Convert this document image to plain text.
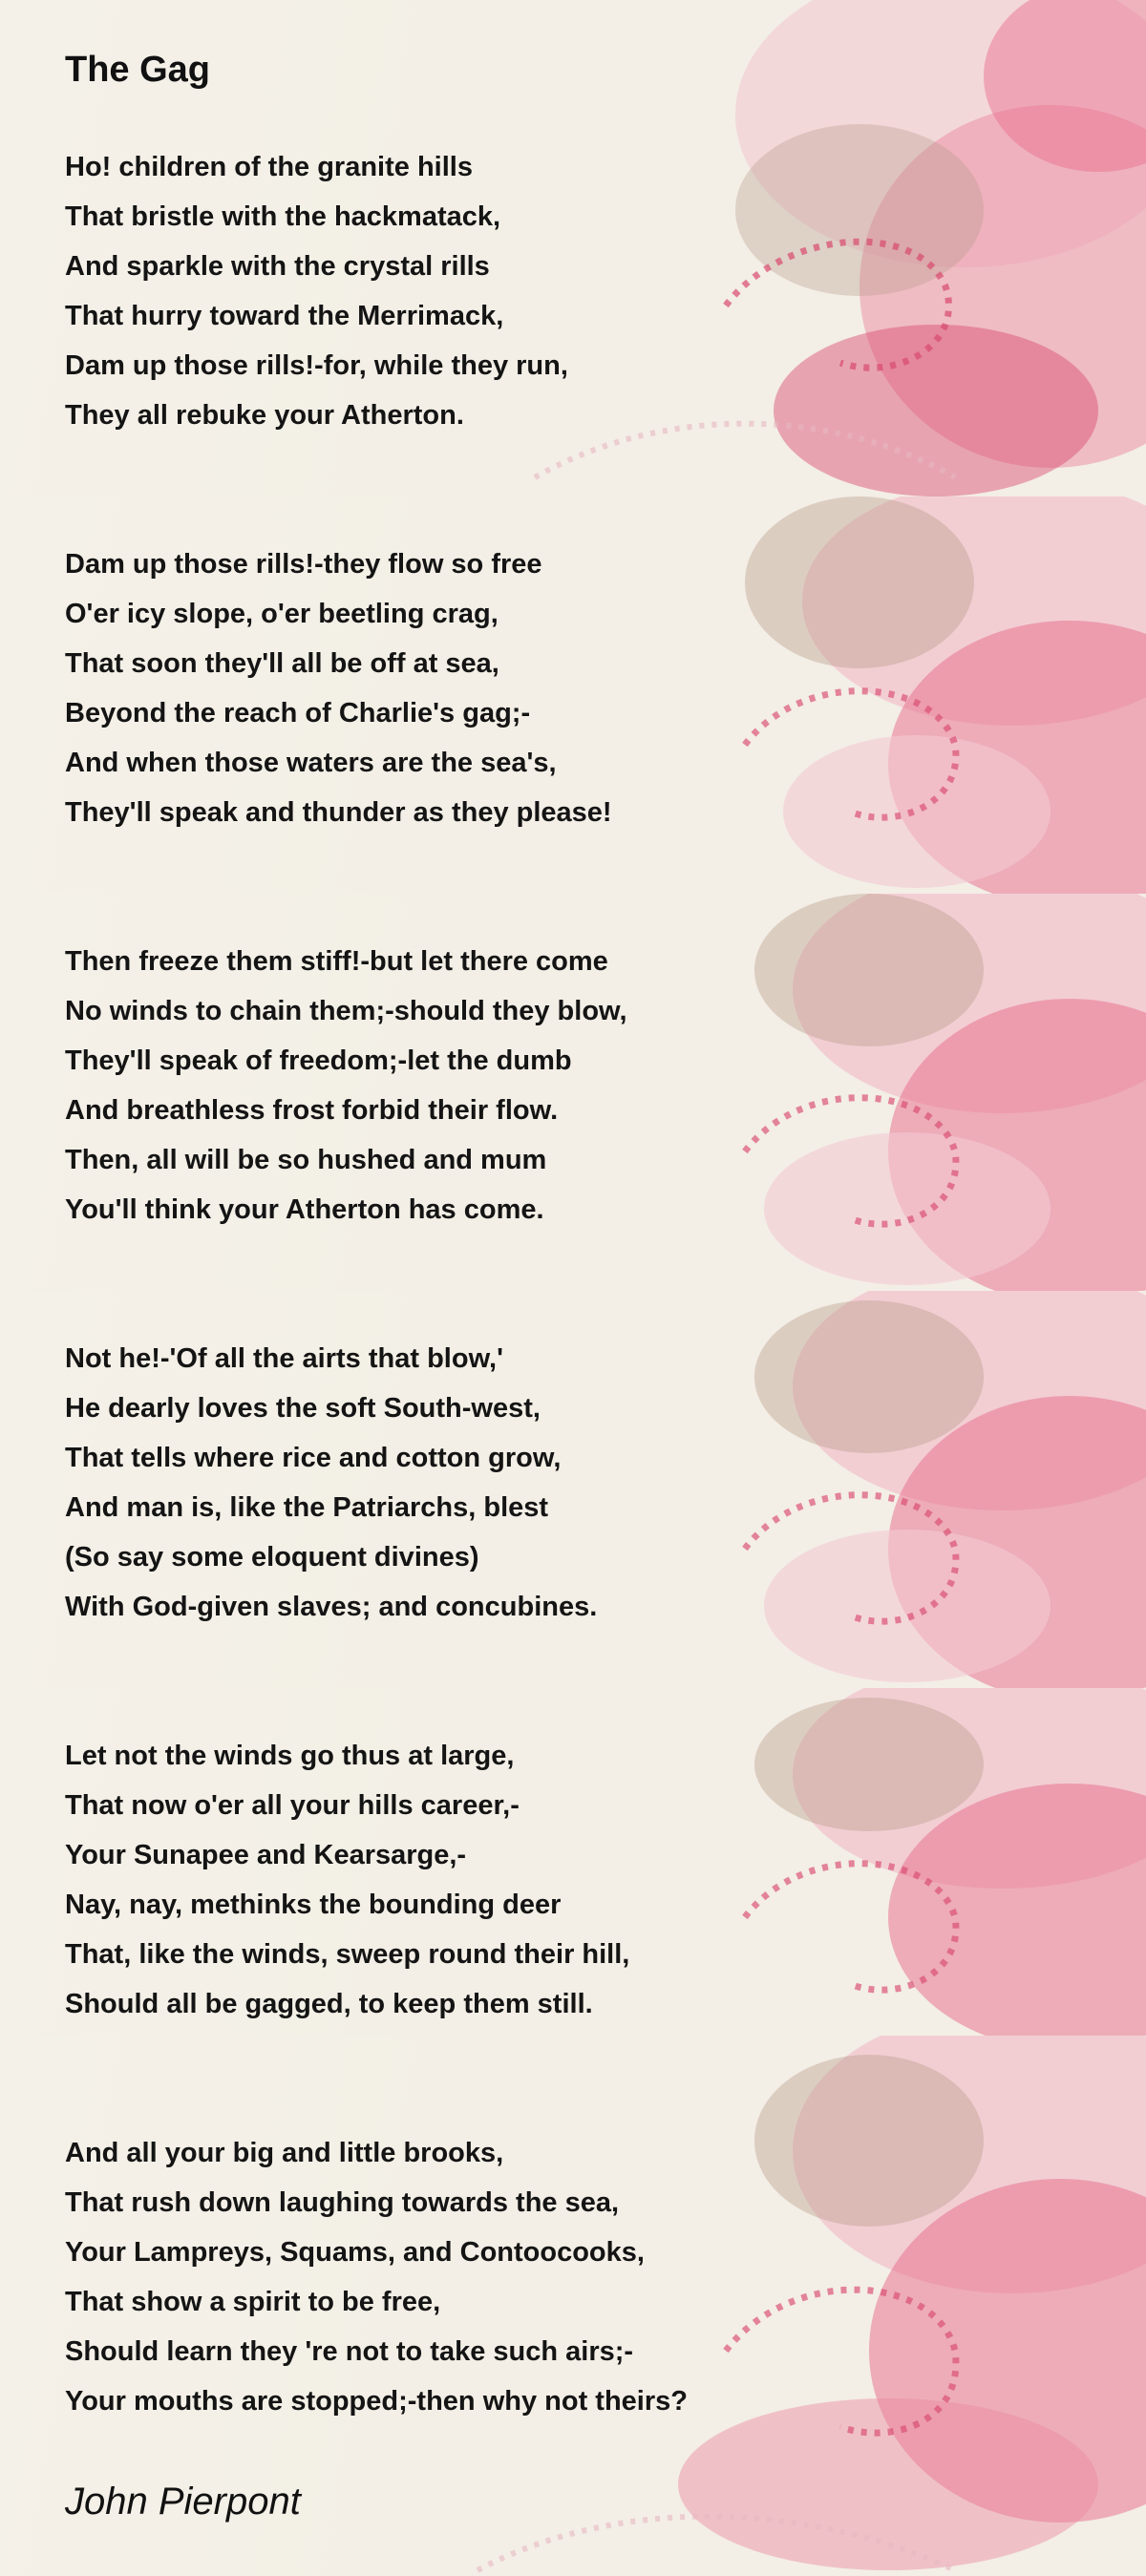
The Gag
Ho! children of the granite hills
That bristle with the hackmatack,
And sparkle with the crystal rills
That hurry toward the Merrimack,
Dam up those rills!-for, while they run,
They all rebuke your Atherton.
Dam up those rills!-they flow so free
O'er icy slope, o'er beetling crag,
That soon they'll all be off at sea,
Beyond the reach of Charlie's gag;-
And when those waters are the sea's,
They'll speak and thunder as they please!
Then freeze them stiff!-but let there come
No winds to chain them;-should they blow,
They'll speak of freedom;-let the dumb
And breathless frost forbid their flow.
Then, all will be so hushed and mum
You'll think your Atherton has come.
Not he!-'Of all the airts that blow,'
He dearly loves the soft South-west,
That tells where rice and cotton grow,
And man is, like the Patriarchs, blest
(So say some eloquent divines)
With God-given slaves; and concubines.
Let not the winds go thus at large,
That now o'er all your hills career,-
Your Sunapee and Kearsarge,-
Nay, nay, methinks the bounding deer
That, like the winds, sweep round their hill,
Should all be gagged, to keep them still.
And all your big and little brooks,
That rush down laughing towards the sea,
Your Lampreys, Squams, and Contoocooks,
That show a spirit to be free,
Should learn they 're not to take such airs;-
Your mouths are stopped;-then why not theirs?

John Pierpont
